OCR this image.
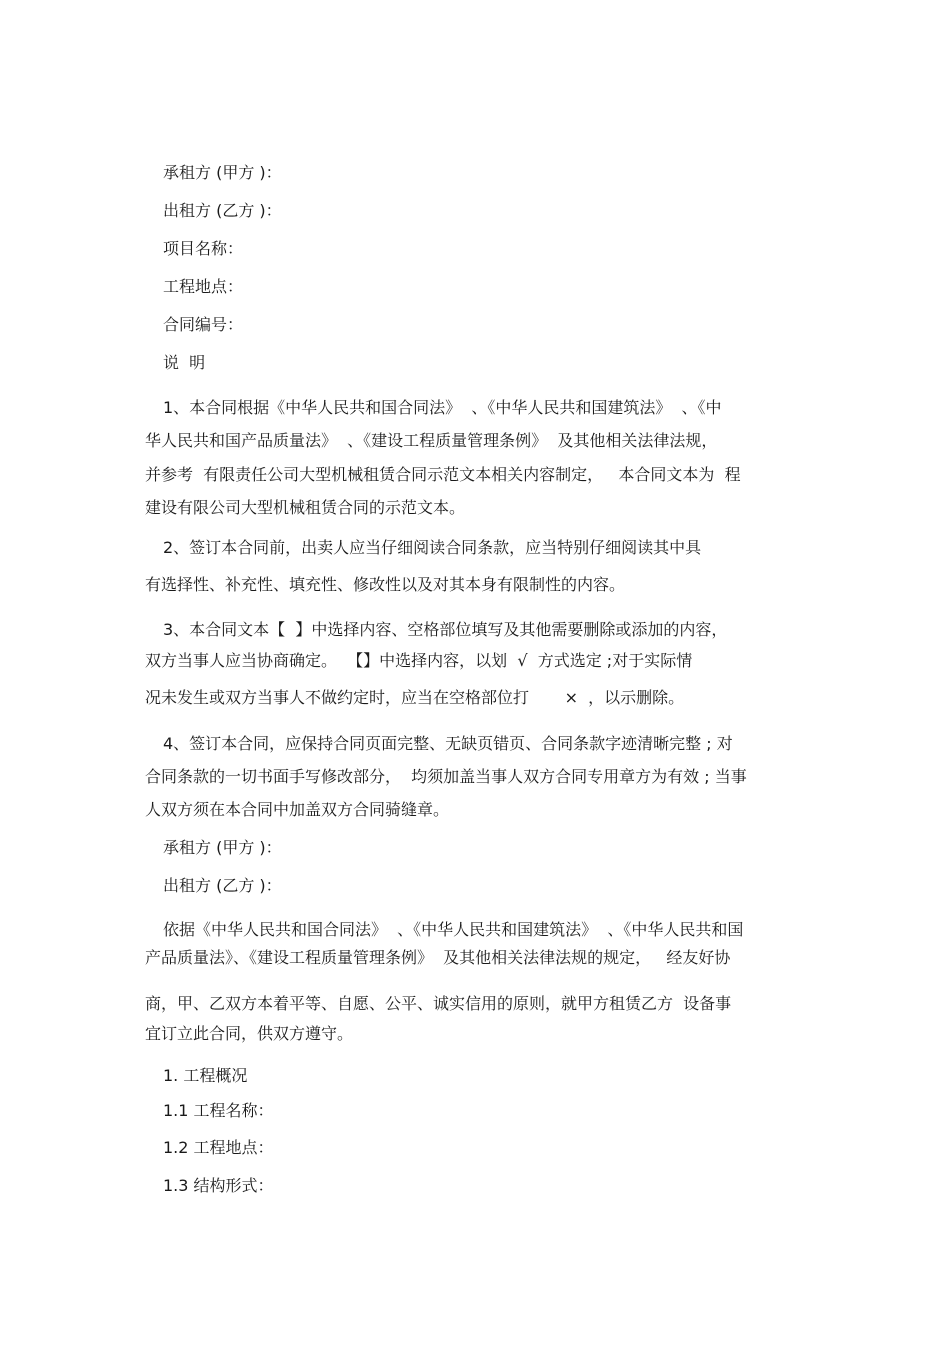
承租方 (甲方 )：

出租方 (乙方 )：

项目名称：

工程地点：

合同编号：

说  明

1、本合同根据《中华人民共和国合同法》  、《中华人民共和国建筑法》  、《中

华人民共和国产品质量法》  、《建设工程质量管理条例》  及其他相关法律法规，

并参考  有限责任公司大型机械租赁合同示范文本相关内容制定，   本合同文本为  程

建设有限公司大型机械租赁合同的示范文本。

2、签订本合同前，出卖人应当仔细阅读合同条款，应当特别仔细阅读其中具

有选择性、补充性、填充性、修改性以及对其本身有限制性的内容。

3、本合同文本【  】中选择内容、空格部位填写及其他需要删除或添加的内容，

双方当事人应当协商确定。  【】中选择内容，以划  √  方式选定 ;对于实际情

况未发生或双方当事人不做约定时，应当在空格部位打       ×  ，以示删除。

4、签订本合同，应保持合同页面完整、无缺页错页、合同条款字迹清晰完整 ; 对

合同条款的一切书面手写修改部分，  均须加盖当事人双方合同专用章方为有效 ; 当事

人双方须在本合同中加盖双方合同骑缝章。

承租方 (甲方 )：

出租方 (乙方 )：

依据《中华人民共和国合同法》  、《中华人民共和国建筑法》  、《中华人民共和国

产品质量法》、《建设工程质量管理条例》  及其他相关法律法规的规定，   经友好协

商，甲、乙双方本着平等、自愿、公平、诚实信用的原则，就甲方租赁乙方  设备事

宜订立此合同，供双方遵守。

1. 工程概况

1.1 工程名称：

1.2 工程地点：

1.3 结构形式：
